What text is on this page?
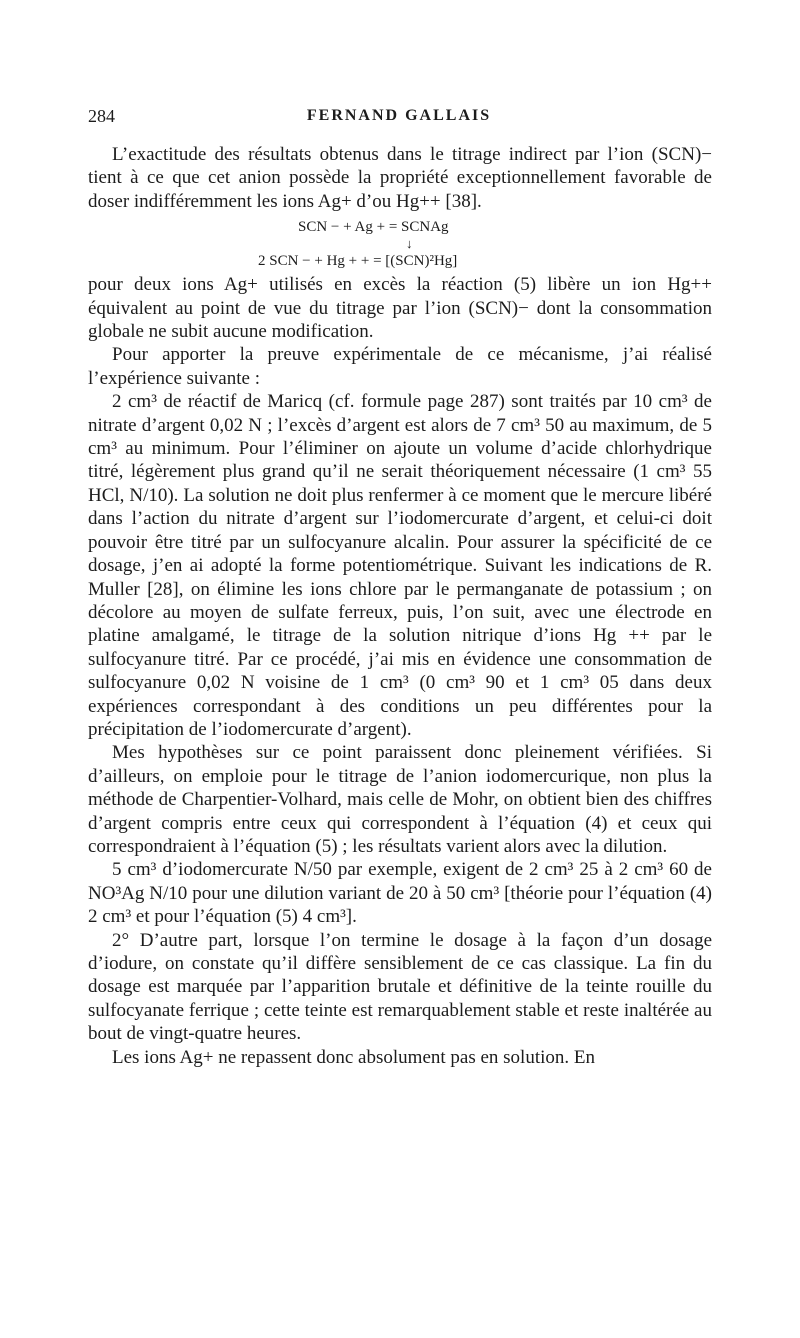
284	FERNAND GALLAIS

L’exactitude des résultats obtenus dans le titrage indirect par l’ion (SCN)− tient à ce que cet anion possède la propriété exceptionnellement favorable de doser indifféremment les ions Ag+ d’ou Hg++ [38].

SCN − + Ag + = SCNAg
↓
2 SCN − + Hg + + = [(SCN)²Hg]

pour deux ions Ag+ utilisés en excès la réaction (5) libère un ion Hg++ équivalent au point de vue du titrage par l’ion (SCN)− dont la consommation globale ne subit aucune modification.

Pour apporter la preuve expérimentale de ce mécanisme, j’ai réalisé l’expérience suivante :

2 cm³ de réactif de Maricq (cf. formule page 287) sont traités par 10 cm³ de nitrate d’argent 0,02 N ; l’excès d’argent est alors de 7 cm³ 50 au maximum, de 5 cm³ au minimum. Pour l’éliminer on ajoute un volume d’acide chlorhydrique titré, légèrement plus grand qu’il ne serait théoriquement nécessaire (1 cm³ 55 HCl, N/10). La solution ne doit plus renfermer à ce moment que le mercure libéré dans l’action du nitrate d’argent sur l’iodomercurate d’argent, et celui-ci doit pouvoir être titré par un sulfocyanure alcalin. Pour assurer la spécificité de ce dosage, j’en ai adopté la forme potentiométrique. Suivant les indications de R. Muller [28], on élimine les ions chlore par le permanganate de potassium ; on décolore au moyen de sulfate ferreux, puis, l’on suit, avec une électrode en platine amalgamé, le titrage de la solution nitrique d’ions Hg ++ par le sulfocyanure titré. Par ce procédé, j’ai mis en évidence une consommation de sulfocyanure 0,02 N voisine de 1 cm³ (0 cm³ 90 et 1 cm³ 05 dans deux expériences correspondant à des conditions un peu différentes pour la précipitation de l’iodomercurate d’argent).

Mes hypothèses sur ce point paraissent donc pleinement vérifiées. Si d’ailleurs, on emploie pour le titrage de l’anion iodomercurique, non plus la méthode de Charpentier-Volhard, mais celle de Mohr, on obtient bien des chiffres d’argent compris entre ceux qui correspondent à l’équation (4) et ceux qui correspondraient à l’équation (5) ; les résultats varient alors avec la dilution.

5 cm³ d’iodomercurate N/50 par exemple, exigent de 2 cm³ 25 à 2 cm³ 60 de NO³Ag N/10 pour une dilution variant de 20 à 50 cm³ [théorie pour l’équation (4) 2 cm³ et pour l’équation (5) 4 cm³].

2° D’autre part, lorsque l’on termine le dosage à la façon d’un dosage d’iodure, on constate qu’il diffère sensiblement de ce cas classique. La fin du dosage est marquée par l’apparition brutale et définitive de la teinte rouille du sulfocyanate ferrique ; cette teinte est remarquablement stable et reste inaltérée au bout de vingt-quatre heures.

Les ions Ag+ ne repassent donc absolument pas en solution. En
